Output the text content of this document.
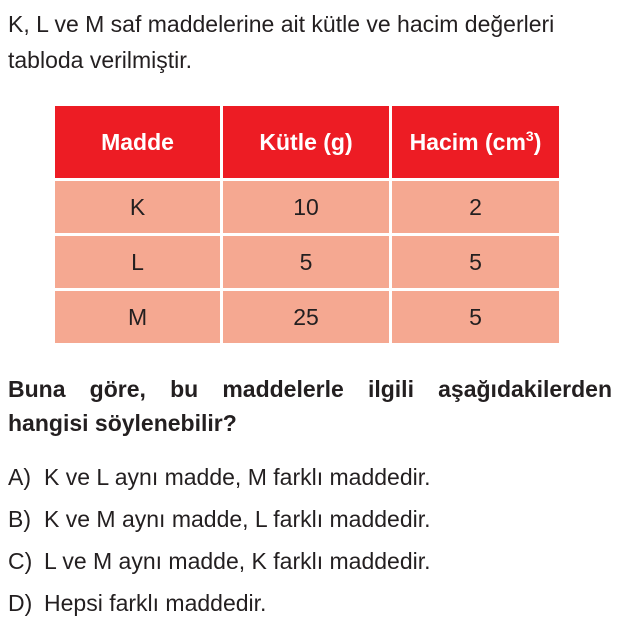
K, L ve M saf maddelerine ait kütle ve hacim değerleri
tabloda verilmiştir.

Madde	Kütle (g)	Hacim $(cm^3)$
K	10	2
L	5	5
M	25	5

Buna göre, bu maddelerle ilgili aşağıdakilerden
hangisi söylenebilir?

A) K ve L aynı madde, M farklı maddedir.
B) K ve M aynı madde, L farklı maddedir.
C) L ve M aynı madde, K farklı maddedir.
D) Hepsi farklı maddedir.
